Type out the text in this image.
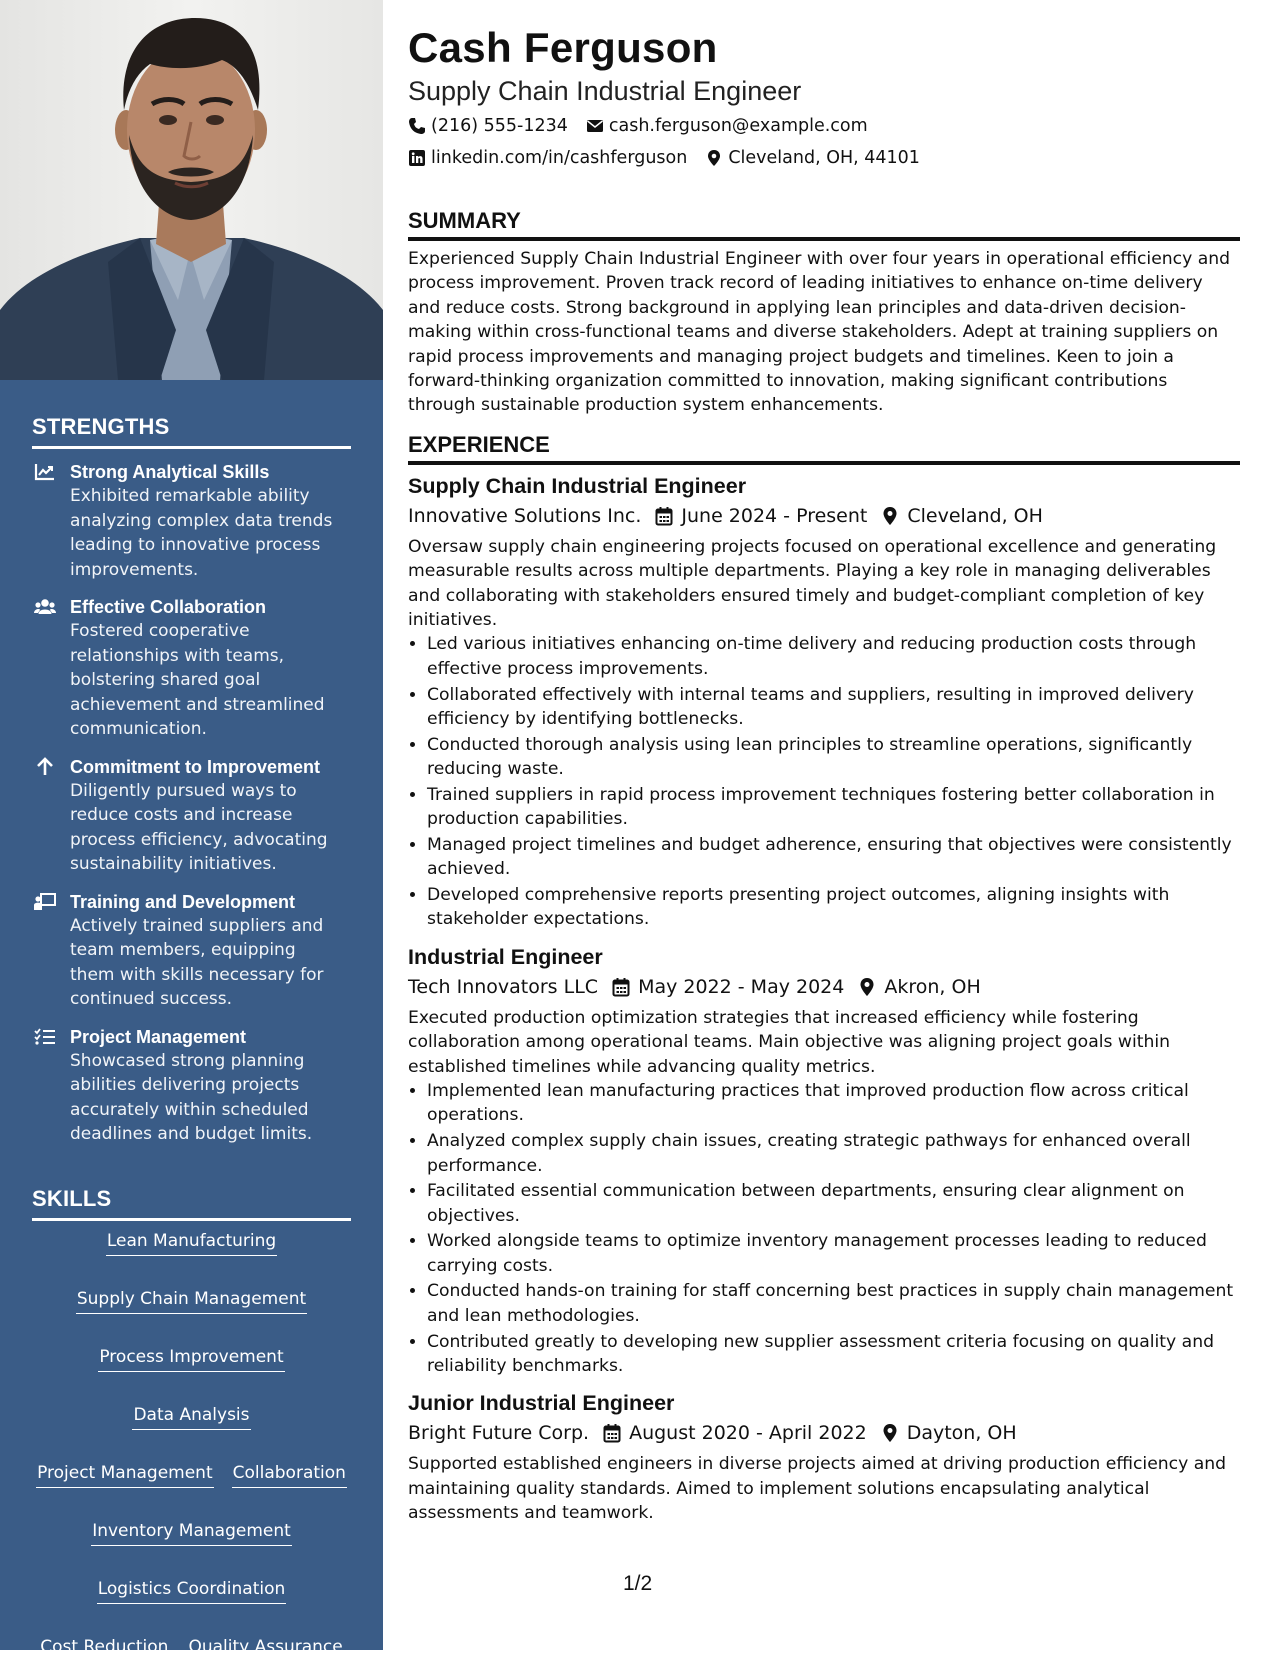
STRENGTHS
Strong Analytical Skills
Exhibited remarkable ability analyzing complex data trends leading to innovative process improvements.
Effective Collaboration
Fostered cooperative relationships with teams, bolstering shared goal achievement and streamlined communication.
Commitment to Improvement
Diligently pursued ways to reduce costs and increase process efficiency, advocating sustainability initiatives.
Training and Development
Actively trained suppliers and team members, equipping them with skills necessary for continued success.
Project Management
Showcased strong planning abilities delivering projects accurately within scheduled deadlines and budget limits.
SKILLS
Lean Manufacturing
Supply Chain Management
Process Improvement
Data Analysis
Project Management Collaboration
Inventory Management
Logistics Coordination
Cost Reduction Quality Assurance
Cash Ferguson
Supply Chain Industrial Engineer
(216) 555-1234 cash.ferguson@example.com
linkedin.com/in/cashferguson Cleveland, OH, 44101
SUMMARY

Experienced Supply Chain Industrial Engineer with over four years in operational efficiency and process improvement. Proven track record of leading initiatives to enhance on-time delivery and reduce costs. Strong background in applying lean principles and data-driven decision-making within cross-functional teams and diverse stakeholders. Adept at training suppliers on rapid process improvements and managing project budgets and timelines. Keen to join a forward-thinking organization committed to innovation, making significant contributions through sustainable production system enhancements.

EXPERIENCE
Supply Chain Industrial Engineer
Innovative Solutions Inc. June 2024 - Present Cleveland, OH

Oversaw supply chain engineering projects focused on operational excellence and generating measurable results across multiple departments. Playing a key role in managing deliverables and collaborating with stakeholders ensured timely and budget-compliant completion of key initiatives.

• Led various initiatives enhancing on-time delivery and reducing production costs through effective process improvements.
• Collaborated effectively with internal teams and suppliers, resulting in improved delivery efficiency by identifying bottlenecks.
• Conducted thorough analysis using lean principles to streamline operations, significantly reducing waste.
• Trained suppliers in rapid process improvement techniques fostering better collaboration in production capabilities.
• Managed project timelines and budget adherence, ensuring that objectives were consistently achieved.
• Developed comprehensive reports presenting project outcomes, aligning insights with stakeholder expectations.
Industrial Engineer
Tech Innovators LLC May 2022 - May 2024 Akron, OH

Executed production optimization strategies that increased efficiency while fostering collaboration among operational teams. Main objective was aligning project goals within established timelines while advancing quality metrics.

• Implemented lean manufacturing practices that improved production flow across critical operations.
• Analyzed complex supply chain issues, creating strategic pathways for enhanced overall performance.
• Facilitated essential communication between departments, ensuring clear alignment on objectives.
• Worked alongside teams to optimize inventory management processes leading to reduced carrying costs.
• Conducted hands-on training for staff concerning best practices in supply chain management and lean methodologies.
• Contributed greatly to developing new supplier assessment criteria focusing on quality and reliability benchmarks.
Junior Industrial Engineer
Bright Future Corp. August 2020 - April 2022 Dayton, OH

Supported established engineers in diverse projects aimed at driving production efficiency and maintaining quality standards. Aimed to implement solutions encapsulating analytical assessments and teamwork.

1/2
